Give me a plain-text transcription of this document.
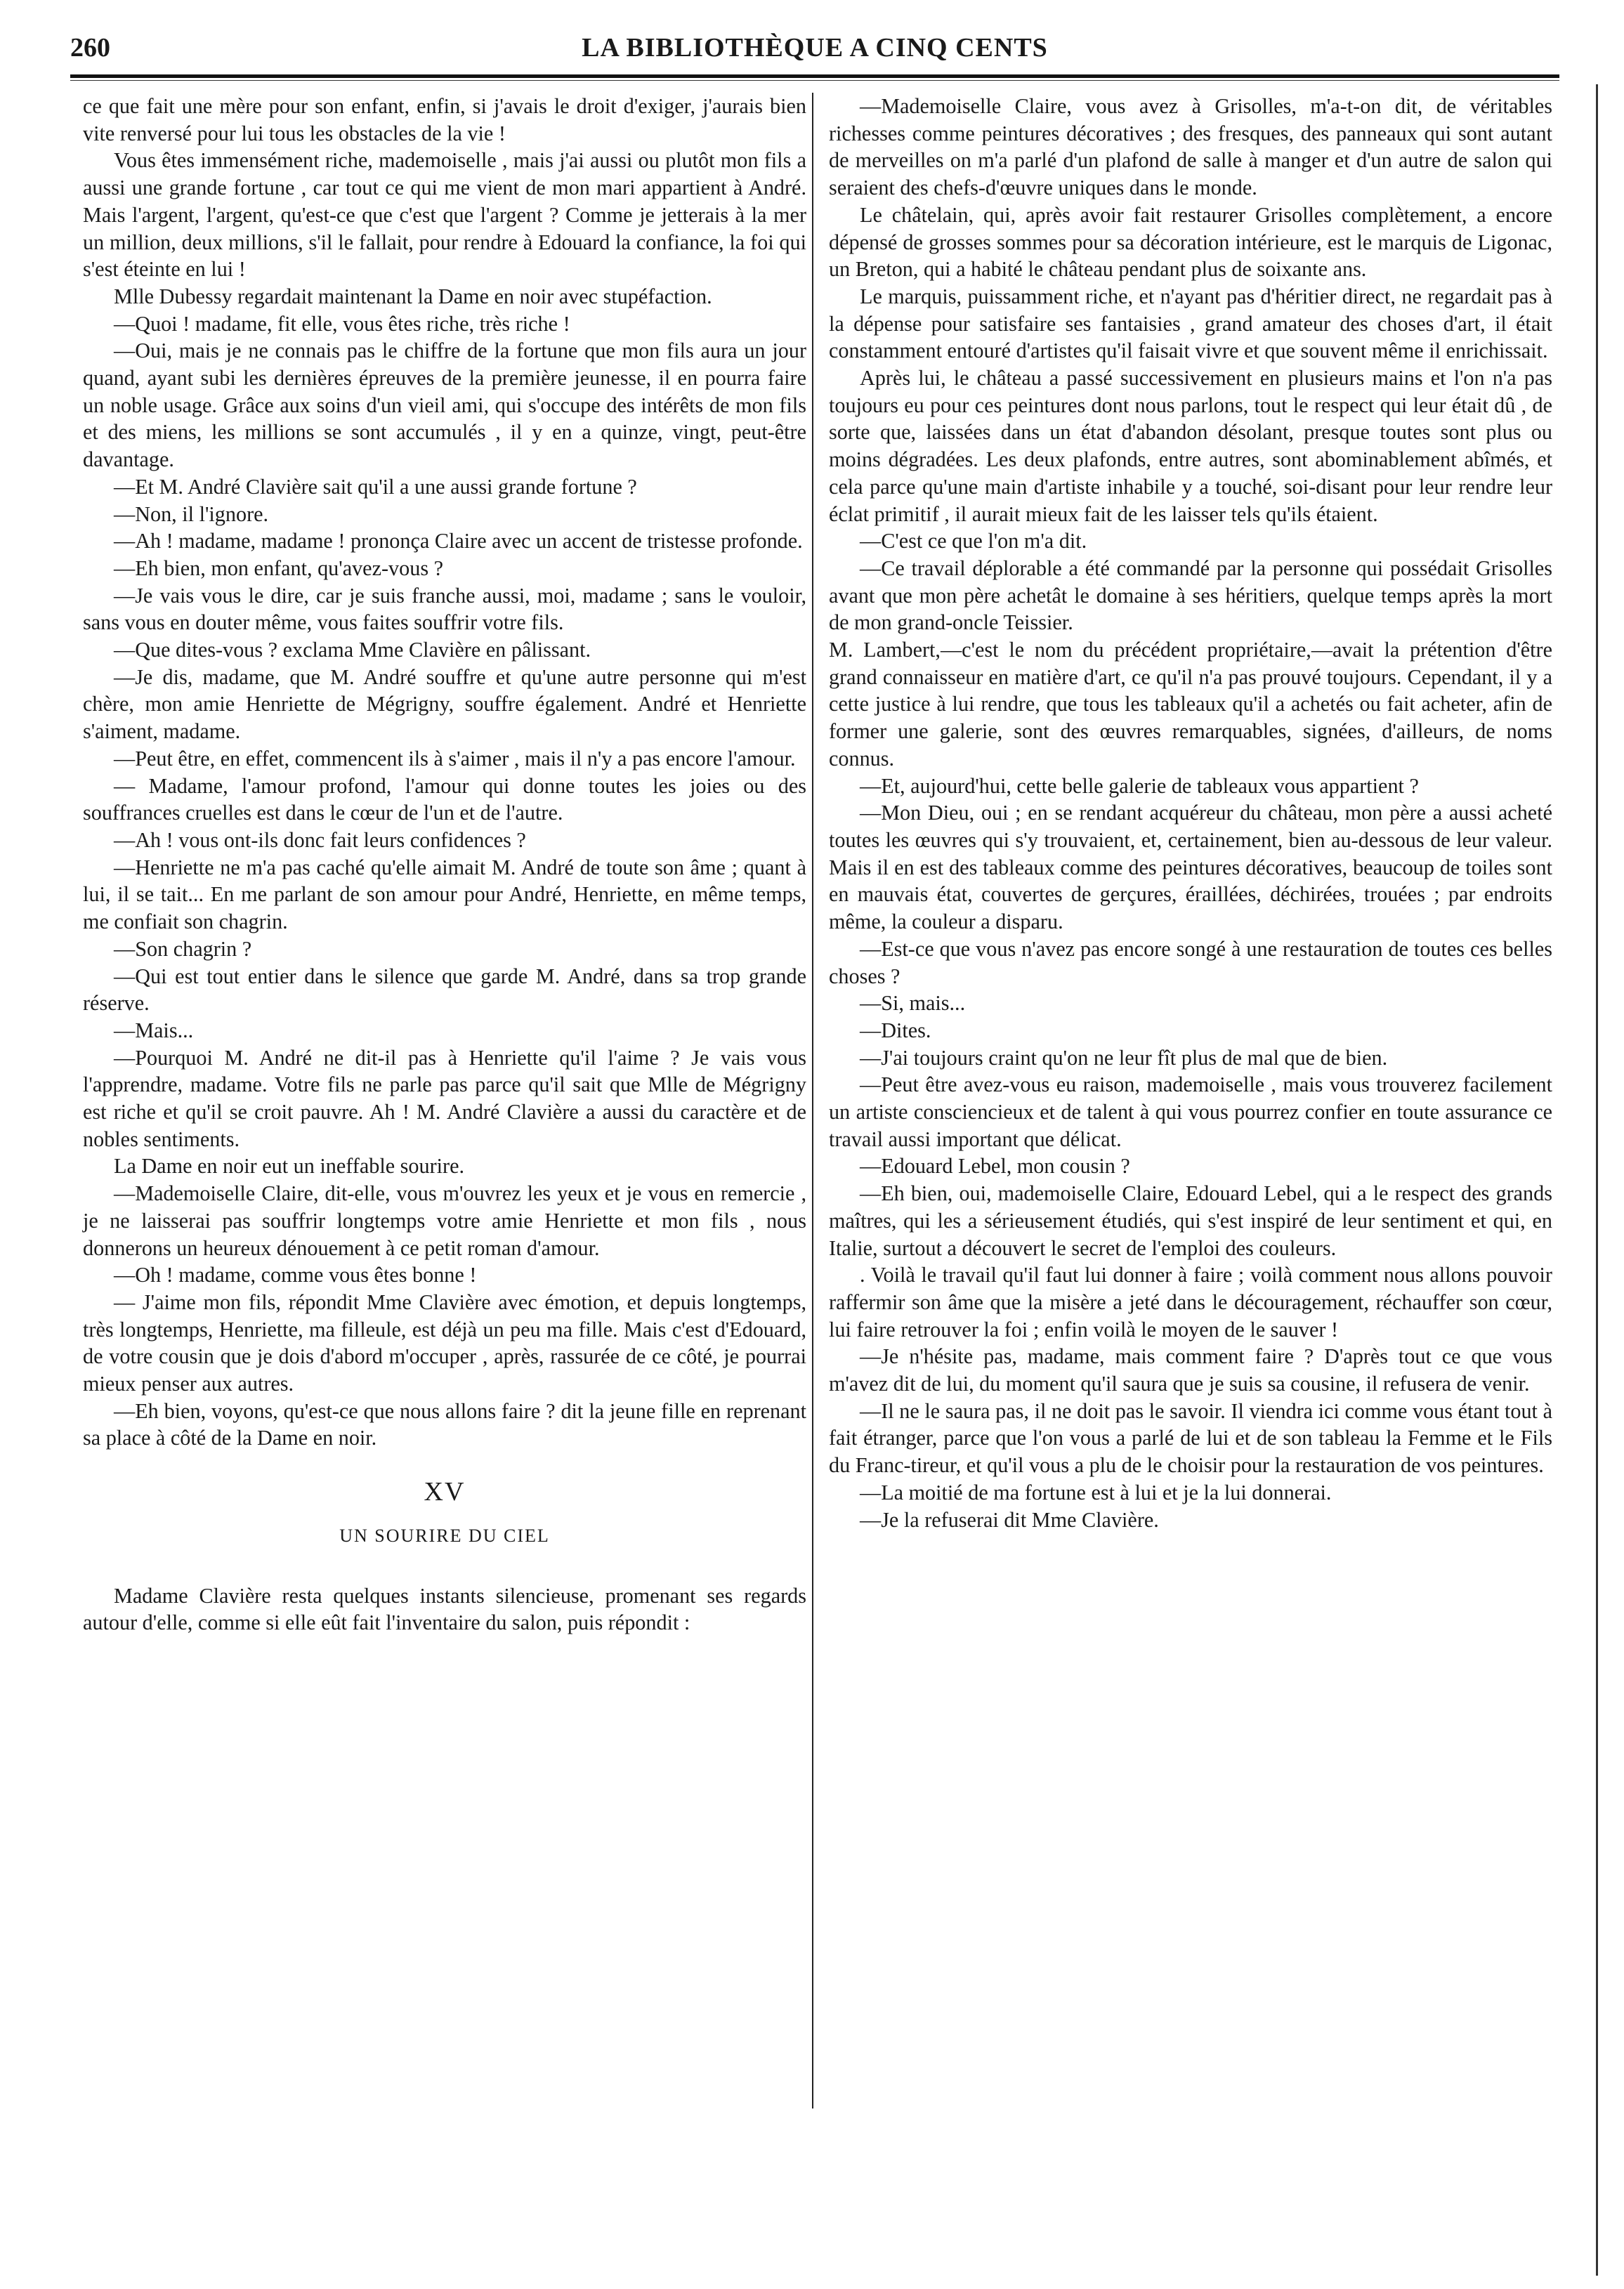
260	LA BIBLIOTHÈQUE A CINQ CENTS

ce que fait une mère pour son enfant, enfin, si j'avais le droit d'exiger, j'aurais bien vite renversé pour lui tous les obstacles de la vie !

Vous êtes immensément riche, mademoiselle , mais j'ai aussi ou plutôt mon fils a aussi une grande fortune , car tout ce qui me vient de mon mari appartient à André. Mais l'argent, l'argent, qu'est-ce que c'est que l'argent ? Comme je jetterais à la mer un million, deux millions, s'il le fallait, pour rendre à Edouard la confiance, la foi qui s'est éteinte en lui !

Mlle Dubessy regardait maintenant la Dame en noir avec stupéfaction.

—Quoi ! madame, fit elle, vous êtes riche, très riche !

—Oui, mais je ne connais pas le chiffre de la fortune que mon fils aura un jour quand, ayant subi les dernières épreuves de la première jeunesse, il en pourra faire un noble usage. Grâce aux soins d'un vieil ami, qui s'occupe des intérêts de mon fils et des miens, les millions se sont accumulés , il y en a quinze, vingt, peut-être davantage.

—Et M. André Clavière sait qu'il a une aussi grande fortune ?

—Non, il l'ignore.

—Ah ! madame, madame ! prononça Claire avec un accent de tristesse profonde.

—Eh bien, mon enfant, qu'avez-vous ?

—Je vais vous le dire, car je suis franche aussi, moi, madame ; sans le vouloir, sans vous en douter même, vous faites souffrir votre fils.

—Que dites-vous ? exclama Mme Clavière en pâlissant.

—Je dis, madame, que M. André souffre et qu'une autre personne qui m'est chère, mon amie Henriette de Mégrigny, souffre également. André et Henriette s'aiment, madame.

—Peut être, en effet, commencent ils à s'aimer , mais il n'y a pas encore l'amour.

— Madame, l'amour profond, l'amour qui donne toutes les joies ou des souffrances cruelles est dans le cœur de l'un et de l'autre.

—Ah ! vous ont-ils donc fait leurs confidences ?

—Henriette ne m'a pas caché qu'elle aimait M. André de toute son âme ; quant à lui, il se tait... En me parlant de son amour pour André, Henriette, en même temps, me confiait son chagrin.

—Son chagrin ?

—Qui est tout entier dans le silence que garde M. André, dans sa trop grande réserve.

—Mais...

—Pourquoi M. André ne dit-il pas à Henriette qu'il l'aime ? Je vais vous l'apprendre, madame. Votre fils ne parle pas parce qu'il sait que Mlle de Mégrigny est riche et qu'il se croit pauvre. Ah ! M. André Clavière a aussi du caractère et de nobles sentiments.

La Dame en noir eut un ineffable sourire.

—Mademoiselle Claire, dit-elle, vous m'ouvrez les yeux et je vous en remercie , je ne laisserai pas souffrir longtemps votre amie Henriette et mon fils , nous donnerons un heureux dénouement à ce petit roman d'amour.

—Oh ! madame, comme vous êtes bonne !

— J'aime mon fils, répondit Mme Clavière avec émotion, et depuis longtemps, très longtemps, Henriette, ma filleule, est déjà un peu ma fille. Mais c'est d'Edouard, de votre cousin que je dois d'abord m'occuper , après, rassurée de ce côté, je pourrai mieux penser aux autres.

—Eh bien, voyons, qu'est-ce que nous allons faire ? dit la jeune fille en reprenant sa place à côté de la Dame en noir.

XV
UN SOURIRE DU CIEL

Madame Clavière resta quelques instants silencieuse, promenant ses regards autour d'elle, comme si elle eût fait l'inventaire du salon, puis répondit :

—Mademoiselle Claire, vous avez à Grisolles, m'a-t-on dit, de véritables richesses comme peintures décoratives ; des fresques, des panneaux qui sont autant de merveilles on m'a parlé d'un plafond de salle à manger et d'un autre de salon qui seraient des chefs-d'œuvre uniques dans le monde.

Le châtelain, qui, après avoir fait restaurer Grisolles complètement, a encore dépensé de grosses sommes pour sa décoration intérieure, est le marquis de Ligonac, un Breton, qui a habité le château pendant plus de soixante ans.

Le marquis, puissamment riche, et n'ayant pas d'héritier direct, ne regardait pas à la dépense pour satisfaire ses fantaisies , grand amateur des choses d'art, il était constamment entouré d'artistes qu'il faisait vivre et que souvent même il enrichissait.

Après lui, le château a passé successivement en plusieurs mains et l'on n'a pas toujours eu pour ces peintures dont nous parlons, tout le respect qui leur était dû , de sorte que, laissées dans un état d'abandon désolant, presque toutes sont plus ou moins dégradées. Les deux plafonds, entre autres, sont abominablement abîmés, et cela parce qu'une main d'artiste inhabile y a touché, soi-disant pour leur rendre leur éclat primitif , il aurait mieux fait de les laisser tels qu'ils étaient.

—C'est ce que l'on m'a dit.

—Ce travail déplorable a été commandé par la personne qui possédait Grisolles avant que mon père achetât le domaine à ses héritiers, quelque temps après la mort de mon grand-oncle Teissier.

M. Lambert,—c'est le nom du précédent propriétaire,—avait la prétention d'être grand connaisseur en matière d'art, ce qu'il n'a pas prouvé toujours. Cependant, il y a cette justice à lui rendre, que tous les tableaux qu'il a achetés ou fait acheter, afin de former une galerie, sont des œuvres remarquables, signées, d'ailleurs, de noms connus.

—Et, aujourd'hui, cette belle galerie de tableaux vous appartient ?

—Mon Dieu, oui ; en se rendant acquéreur du château, mon père a aussi acheté toutes les œuvres qui s'y trouvaient, et, certainement, bien au-dessous de leur valeur. Mais il en est des tableaux comme des peintures décoratives, beaucoup de toiles sont en mauvais état, couvertes de gerçures, éraillées, déchirées, trouées ; par endroits même, la couleur a disparu.

—Est-ce que vous n'avez pas encore songé à une restauration de toutes ces belles choses ?

—Si, mais...

—Dites.

—J'ai toujours craint qu'on ne leur fît plus de mal que de bien.

—Peut être avez-vous eu raison, mademoiselle , mais vous trouverez facilement un artiste consciencieux et de talent à qui vous pourrez confier en toute assurance ce travail aussi important que délicat.

—Edouard Lebel, mon cousin ?

—Eh bien, oui, mademoiselle Claire, Edouard Lebel, qui a le respect des grands maîtres, qui les a sérieusement étudiés, qui s'est inspiré de leur sentiment et qui, en Italie, surtout a découvert le secret de l'emploi des couleurs.

. Voilà le travail qu'il faut lui donner à faire ; voilà comment nous allons pouvoir raffermir son âme que la misère a jeté dans le découragement, réchauffer son cœur, lui faire retrouver la foi ; enfin voilà le moyen de le sauver !

—Je n'hésite pas, madame, mais comment faire ? D'après tout ce que vous m'avez dit de lui, du moment qu'il saura que je suis sa cousine, il refusera de venir.

—Il ne le saura pas, il ne doit pas le savoir. Il viendra ici comme vous étant tout à fait étranger, parce que l'on vous a parlé de lui et de son tableau la Femme et le Fils du Franc-tireur, et qu'il vous a plu de le choisir pour la restauration de vos peintures.

—La moitié de ma fortune est à lui et je la lui donnerai.

—Je la refuserai dit Mme Clavière.
